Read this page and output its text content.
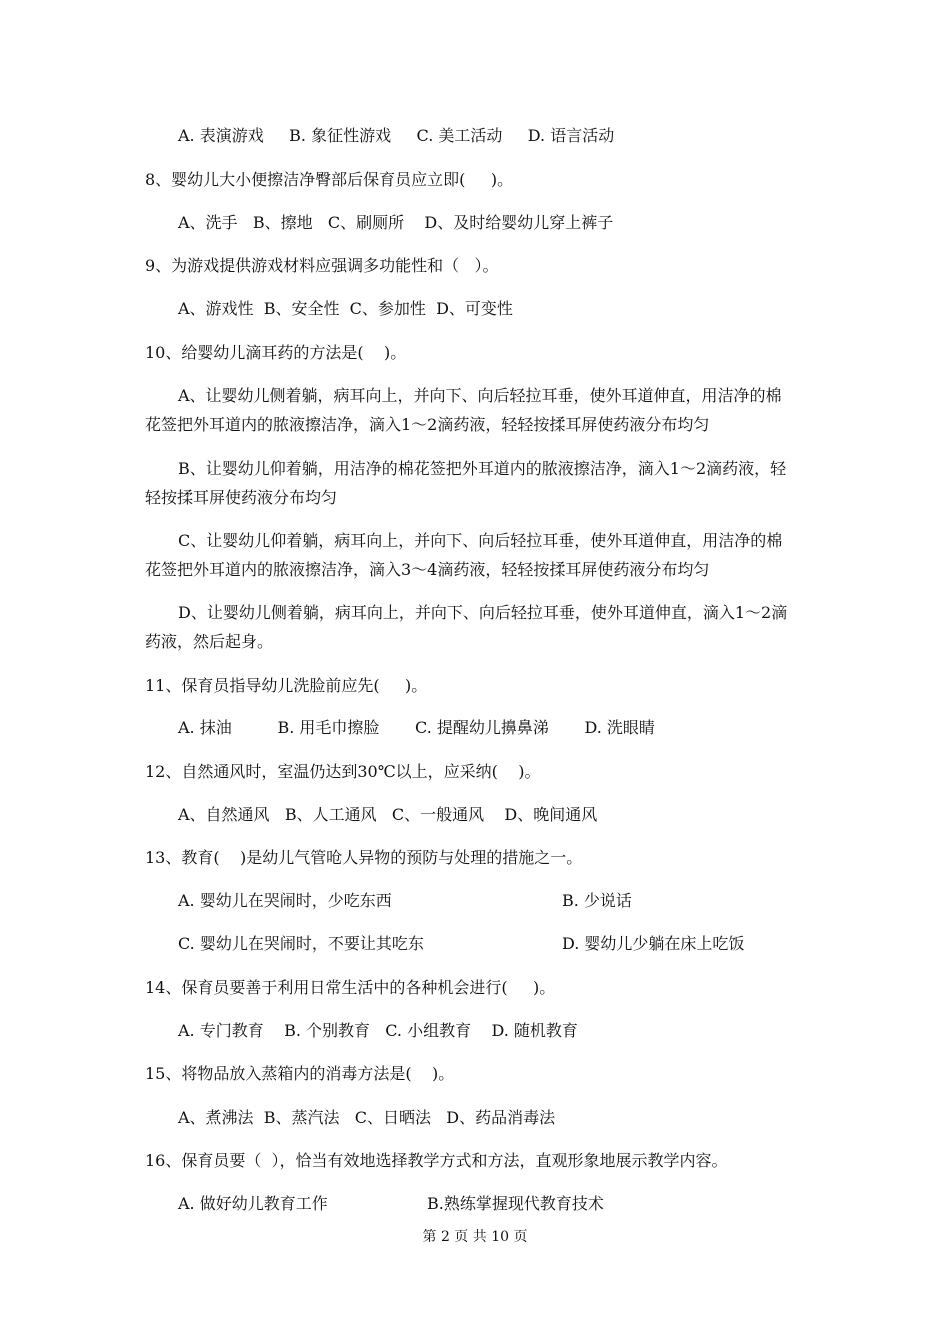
A. 表演游戏     B. 象征性游戏     C. 美工活动     D. 语言活动
8、婴幼儿大小便擦洁净臀部后保育员应立即(     )。
A、洗手   B、擦地   C、刷厕所    D、及时给婴幼儿穿上裤子
9、为游戏提供游戏材料应强调多功能性和（   ）。
A、游戏性  B、安全性  C、参加性  D、可变性
10、给婴幼儿滴耳药的方法是(    )。
A、让婴幼儿侧着躺，病耳向上，并向下、向后轻拉耳垂，使外耳道伸直，用洁净的棉
花签把外耳道内的脓液擦洁净，滴入1～2滴药液，轻轻按揉耳屏使药液分布均匀
B、让婴幼儿仰着躺，用洁净的棉花签把外耳道内的脓液擦洁净，滴入1～2滴药液，轻
轻按揉耳屏使药液分布均匀
C、让婴幼儿仰着躺，病耳向上，并向下、向后轻拉耳垂，使外耳道伸直，用洁净的棉
花签把外耳道内的脓液擦洁净，滴入3～4滴药液，轻轻按揉耳屏使药液分布均匀
D、让婴幼儿侧着躺，病耳向上，并向下、向后轻拉耳垂，使外耳道伸直，滴入1～2滴
药液，然后起身。
11、保育员指导幼儿洗脸前应先(     )。
A. 抹油         B. 用毛巾擦脸       C. 提醒幼儿擤鼻涕       D. 洗眼睛
12、自然通风时，室温仍达到30℃以上，应采纳(    )。
A、自然通风   B、人工通风   C、一般通风    D、晚间通风
13、教育(    )是幼儿气管呛人异物的预防与处理的措施之一。
A. 婴幼儿在哭闹时，少吃东西	B. 少说话
C. 婴幼儿在哭闹时，不要让其吃东	D. 婴幼儿少躺在床上吃饭
14、保育员要善于利用日常生活中的各种机会进行(     )。
A. 专门教育    B. 个别教育   C. 小组教育    D. 随机教育
15、将物品放入蒸箱内的消毒方法是(    )。
A、煮沸法  B、蒸汽法   C、日晒法   D、药品消毒法
16、保育员要（  ），恰当有效地选择教学方式和方法，直观形象地展示教学内容。
A. 做好幼儿教育工作	B.熟练掌握现代教育技术
第 2 页 共 10 页
